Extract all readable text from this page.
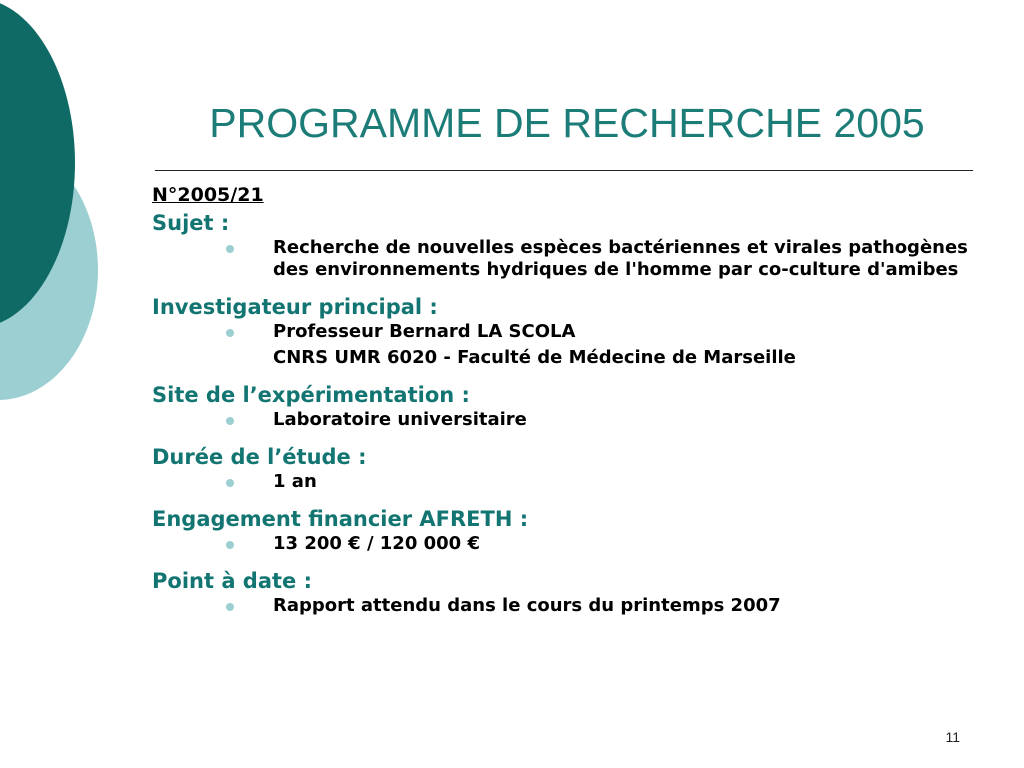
PROGRAMME DE RECHERCHE 2005
N°2005/21
Sujet :
Recherche de nouvelles espèces bactériennes et virales pathogènes des environnements hydriques de l'homme par co-culture d'amibes
Investigateur principal :
Professeur Bernard LA SCOLA
CNRS UMR 6020 - Faculté de Médecine de Marseille
Site de l’expérimentation :
Laboratoire universitaire
Durée de l’étude :
1 an
Engagement financier AFRETH :
13 200 € / 120 000 €
Point à date :
Rapport attendu dans le cours du printemps 2007
11
